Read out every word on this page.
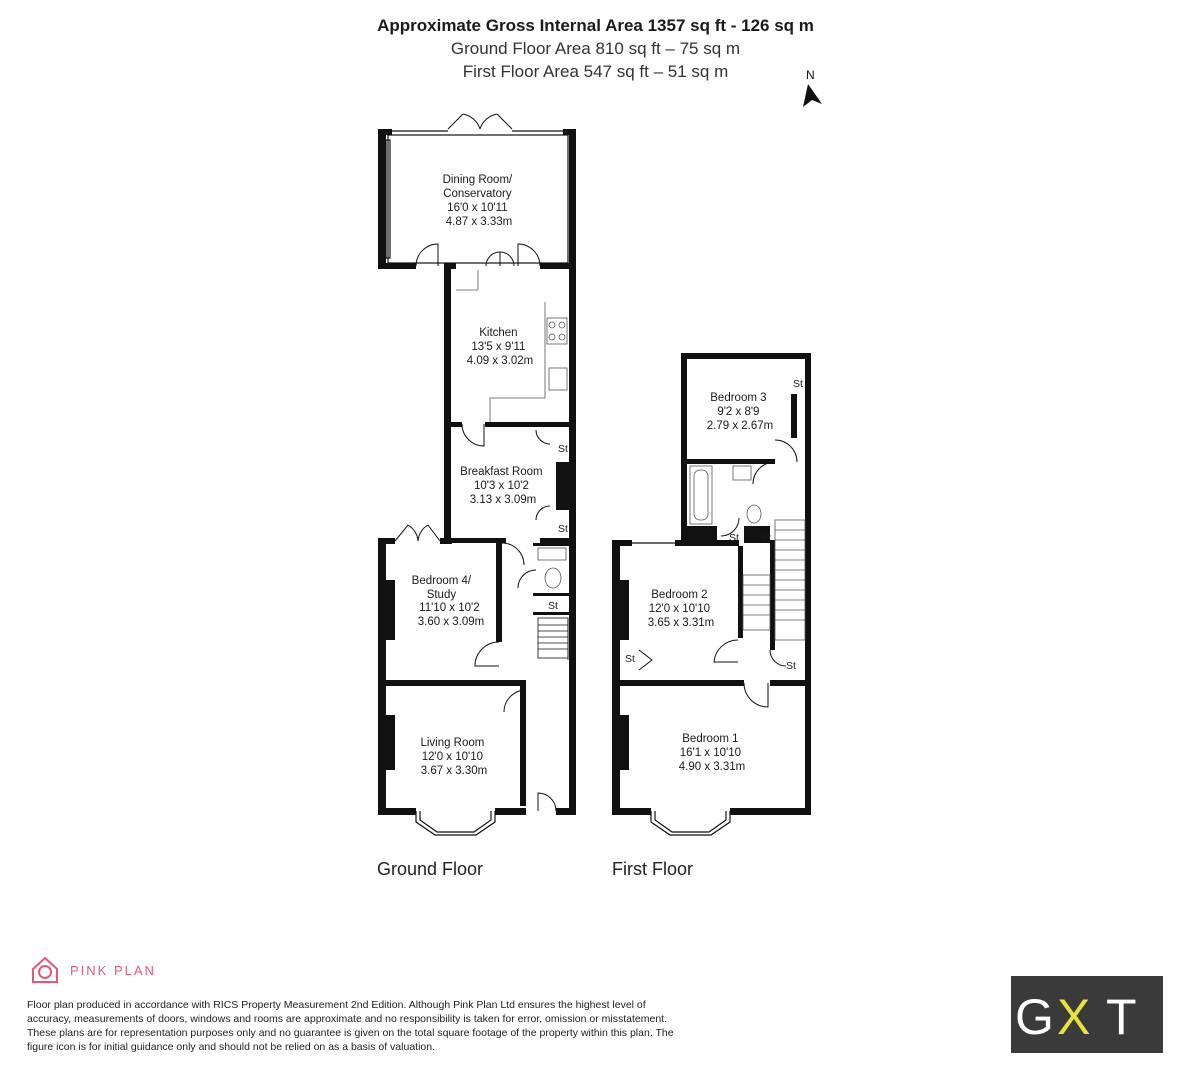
Approximate Gross Internal Area 1357 sq ft - 126 sq m
Ground Floor Area 810 sq ft – 75 sq m
First Floor Area 547 sq ft – 51 sq m	N
St
St
St
Dining Room/ Conservatory 16'0 x 10'11 4.87 x 3.33m
Kitchen 13'5 x 9'11 4.09 x 3.02m
Breakfast Room 10'3 x 10'2 3.13 x 3.09m
Bedroom 4/ Study 11'10 x 10'2 3.60 x 3.09m
Living Room 12'0 x 10'10 3.67 x 3.30m
Ground Floor
St
St St
St
St
Bedroom 3 9'2 x 8'9 2.79 x 2.67m
Bedroom 2 12'0 x 10'10 3.65 x 3.31m
Bedroom 1 16'1 x 10'10 4.90 x 3.31m
First Floor
PINK PLAN
Floor plan produced in accordance with RICS Property Measurement 2nd Edition. Although Pink Plan Ltd ensures the highest level of accuracy, measurements of doors, windows and rooms are approximate and no responsibility is taken for error, omission or misstatement. These plans are for representation purposes only and no guarantee is given on the total square footage of the property within this plan. The figure icon is for initial guidance only and should not be relied on as a basis of valuation.
G X T
